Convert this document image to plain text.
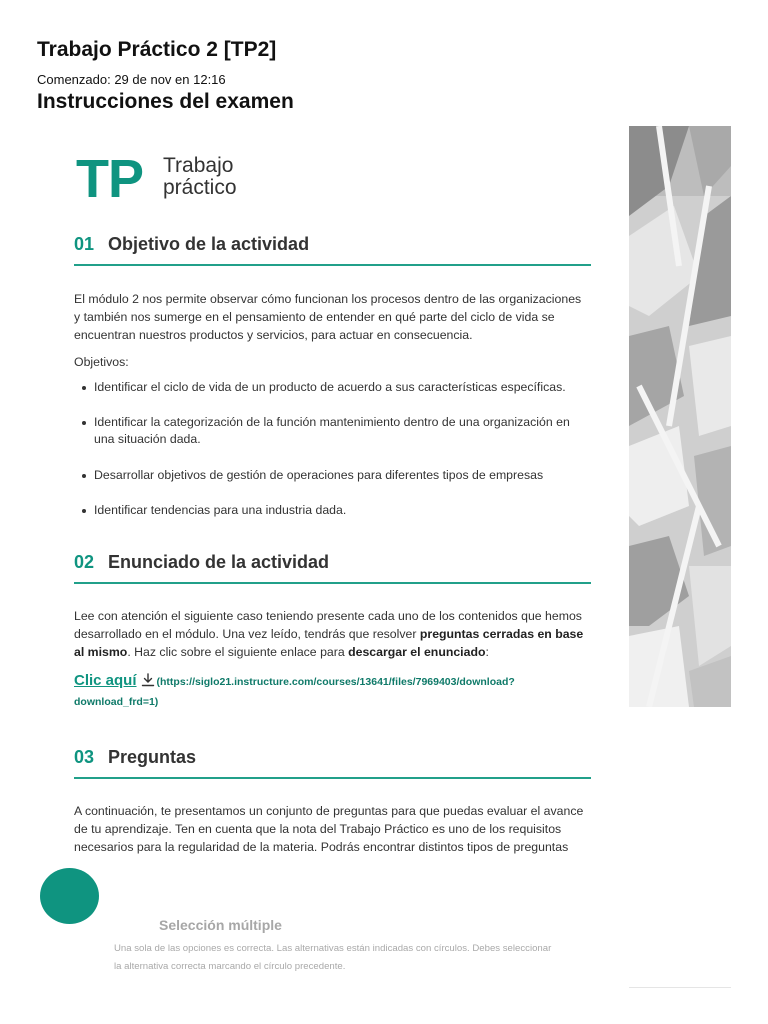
Trabajo Práctico 2 [TP2]
Comenzado: 29 de nov en 12:16
Instrucciones del examen
TP Trabajo
práctico
01 Objetivo de la actividad
El módulo 2 nos permite observar cómo funcionan los procesos dentro de las organizaciones y también nos sumerge en el pensamiento de entender en qué parte del ciclo de vida se encuentran nuestros productos y servicios, para actuar en consecuencia.
Objetivos:
Identificar el ciclo de vida de un producto de acuerdo a sus características específicas.
Identificar la categorización de la función mantenimiento dentro de una organización en una situación dada.
Desarrollar objetivos de gestión de operaciones para diferentes tipos de empresas
Identificar tendencias para una industria dada.
02 Enunciado de la actividad
Lee con atención el siguiente caso teniendo presente cada uno de los contenidos que hemos desarrollado en el módulo. Una vez leído, tendrás que resolver preguntas cerradas en base al mismo. Haz clic sobre el siguiente enlace para descargar el enunciado:
Clic aquí (https://siglo21.instructure.com/courses/13641/files/7969403/download?download_frd=1)
03 Preguntas
A continuación, te presentamos un conjunto de preguntas para que puedas evaluar el avance de tu aprendizaje. Ten en cuenta que la nota del Trabajo Práctico es uno de los requisitos necesarios para la regularidad de la materia. Podrás encontrar distintos tipos de preguntas
Selección múltiple
Una sola de las opciones es correcta. Las alternativas están indicadas con círculos. Debes seleccionar la alternativa correcta marcando el círculo precedente.
